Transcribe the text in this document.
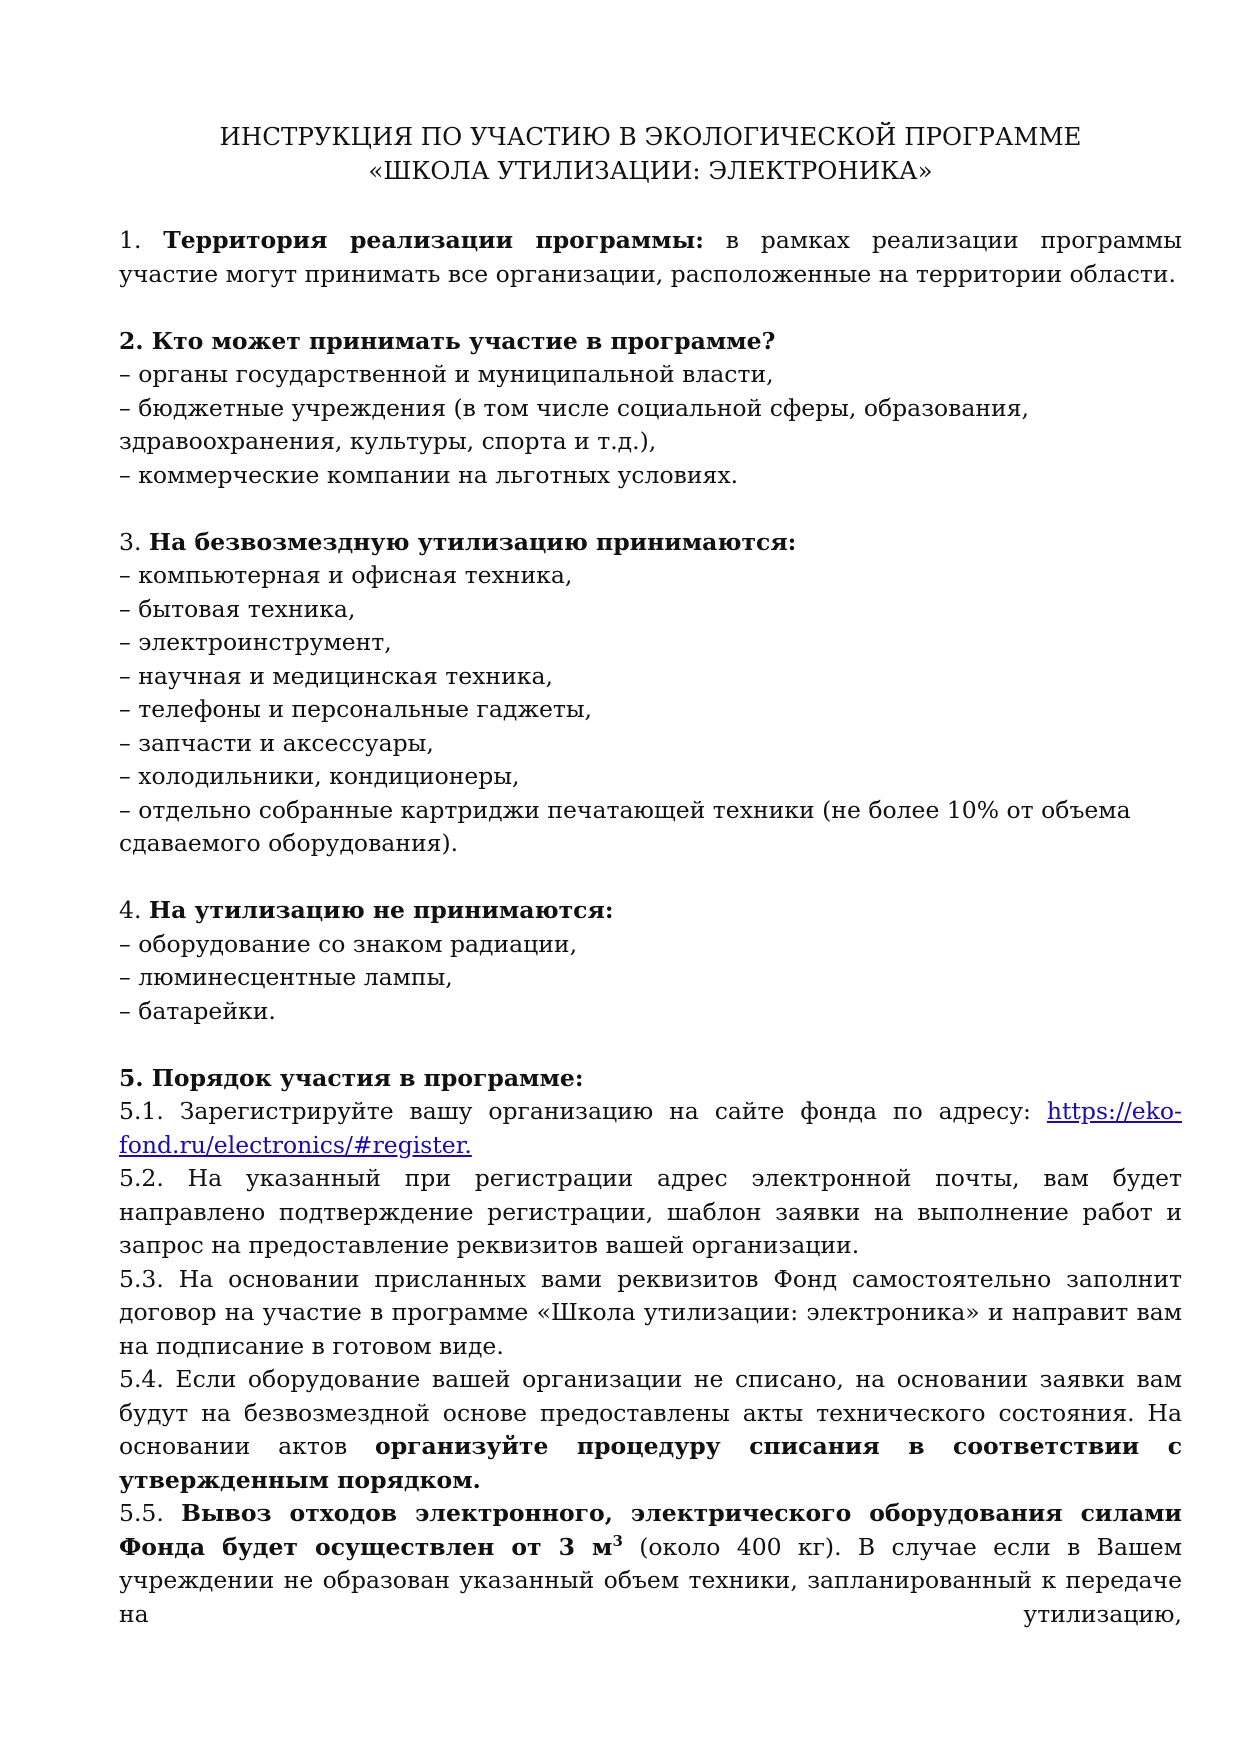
ИНСТРУКЦИЯ ПО УЧАСТИЮ В ЭКОЛОГИЧЕСКОЙ ПРОГРАММЕ
«ШКОЛА УТИЛИЗАЦИИ: ЭЛЕКТРОНИКА»

1. Территория реализации программы: в рамках реализации программы участие могут принимать все организации, расположенные на территории области.

2. Кто может принимать участие в программе?

– органы государственной и муниципальной власти,
– бюджетные учреждения (в том числе социальной сферы, образования, здравоохранения, культуры, спорта и т.д.),
– коммерческие компании на льготных условиях.

3. На безвозмездную утилизацию принимаются:

– компьютерная и офисная техника,
– бытовая техника,
– электроинструмент,
– научная и медицинская техника,
– телефоны и персональные гаджеты,
– запчасти и аксессуары,
– холодильники, кондиционеры,
– отдельно собранные картриджи печатающей техники (не более 10% от объема сдаваемого оборудования).

4. На утилизацию не принимаются:

– оборудование со знаком радиации,
– люминесцентные лампы,
– батарейки.

5. Порядок участия в программе:

5.1. Зарегистрируйте вашу организацию на сайте фонда по адресу: https://eko-fond.ru/electronics/#register.

5.2. На указанный при регистрации адрес электронной почты, вам будет направлено подтверждение регистрации, шаблон заявки на выполнение работ и запрос на предоставление реквизитов вашей организации.

5.3. На основании присланных вами реквизитов Фонд самостоятельно заполнит договор на участие в программе «Школа утилизации: электроника» и направит вам на подписание в готовом виде.

5.4. Если оборудование вашей организации не списано, на основании заявки вам будут на безвозмездной основе предоставлены акты технического состояния. На основании актов организуйте процедуру списания в соответствии с утвержденным порядком.

5.5. Вывоз отходов электронного, электрического оборудования силами Фонда будет осуществлен от 3 $м^3$ (около 400 кг). В случае если в Вашем учреждении не образован указанный объем техники, запланированный к передаче на утилизацию,
